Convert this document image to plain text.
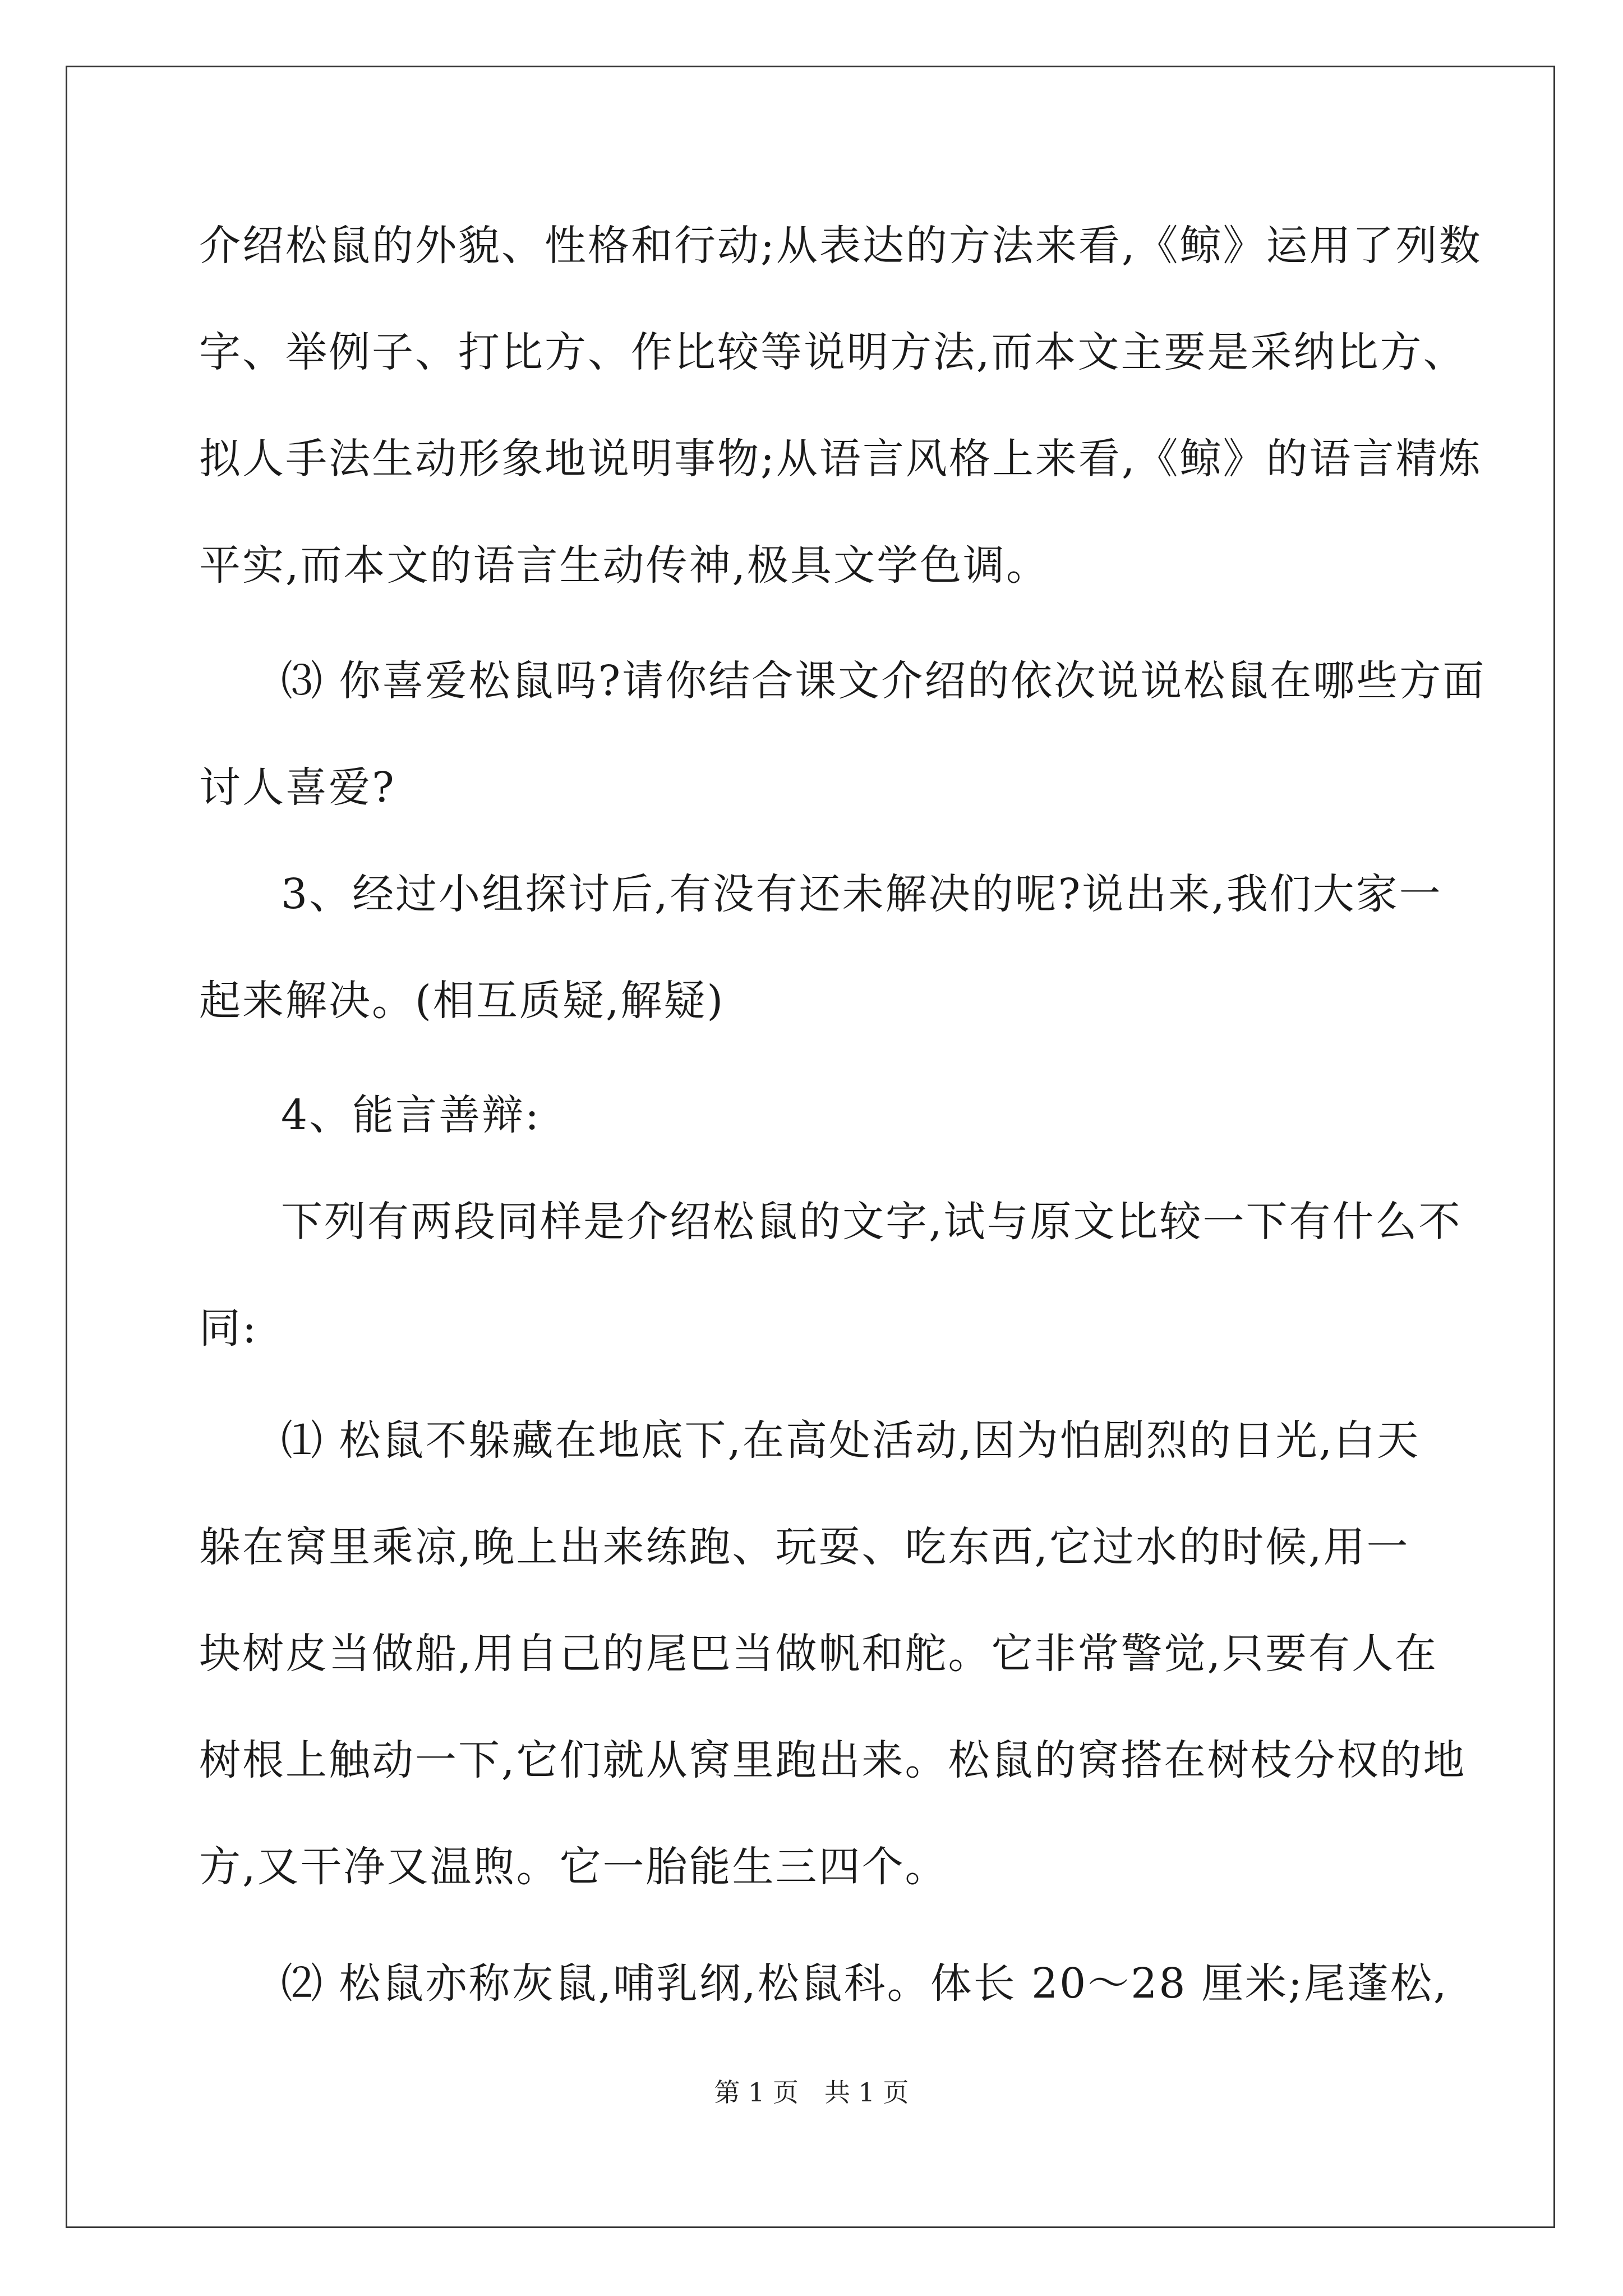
介绍松鼠的外貌、性格和行动;从表达的方法来看,《鲸》运用了列数
字、举例子、打比方、作比较等说明方法,而本文主要是采纳比方、
拟人手法生动形象地说明事物;从语言风格上来看,《鲸》的语言精炼
平实,而本文的语言生动传神,极具文学色调。
⑶ 你喜爱松鼠吗?请你结合课文介绍的依次说说松鼠在哪些方面
讨人喜爱?
3、经过小组探讨后,有没有还未解决的呢?说出来,我们大家一
起来解决。(相互质疑,解疑)
4、能言善辩:
下列有两段同样是介绍松鼠的文字,试与原文比较一下有什么不
同:
⑴ 松鼠不躲藏在地底下,在高处活动,因为怕剧烈的日光,白天
躲在窝里乘凉,晚上出来练跑、玩耍、吃东西,它过水的时候,用一
块树皮当做船,用自己的尾巴当做帆和舵。它非常警觉,只要有人在
树根上触动一下,它们就从窝里跑出来。松鼠的窝搭在树枝分权的地
方,又干净又温煦。它一胎能生三四个。
⑵ 松鼠亦称灰鼠,哺乳纲,松鼠科。体长 20～28 厘米;尾蓬松,
第 1 页　共 1 页
